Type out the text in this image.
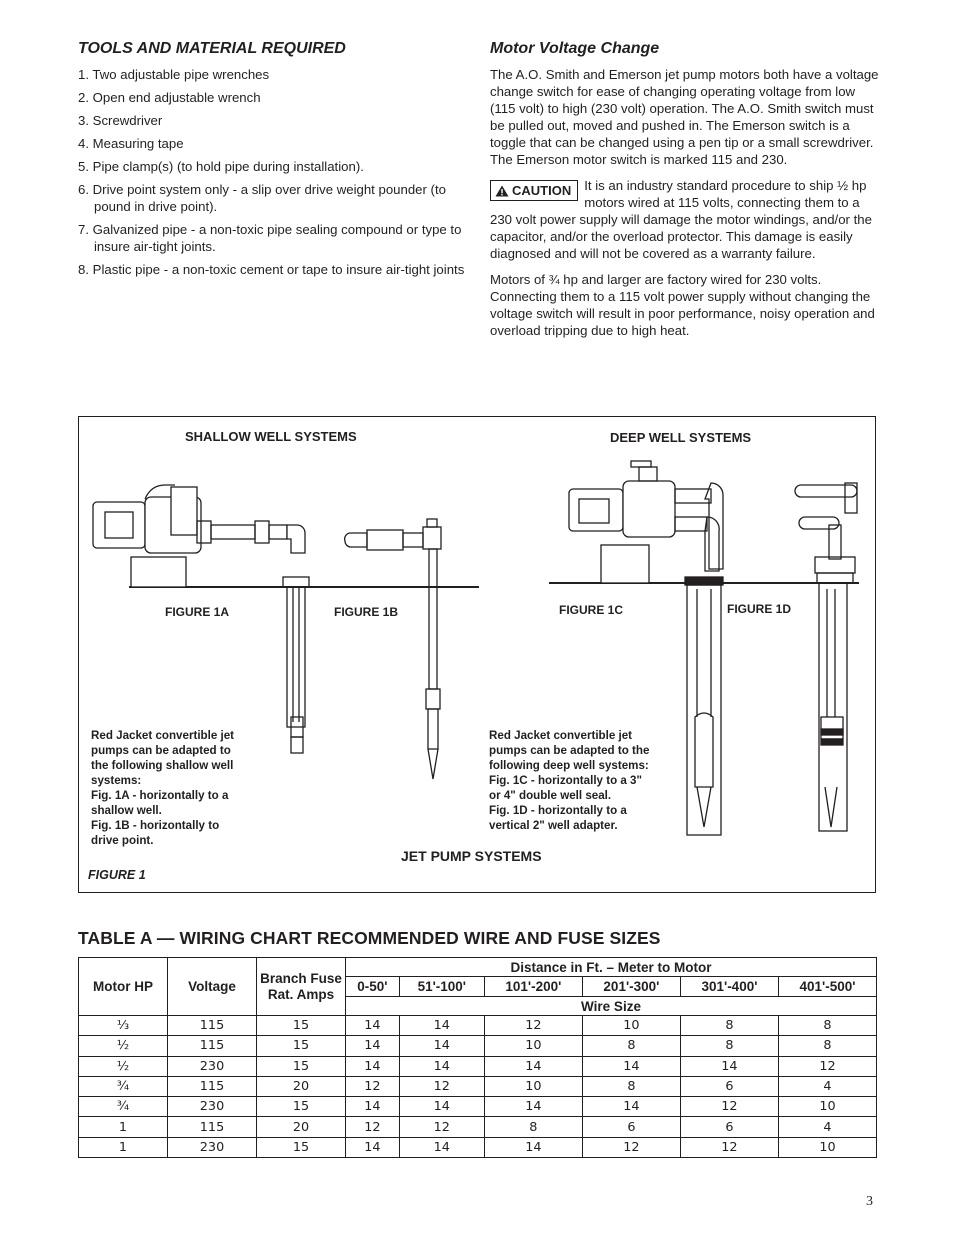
TOOLS AND MATERIAL REQUIRED
1. Two adjustable pipe wrenches
2. Open end adjustable wrench
3. Screwdriver
4. Measuring tape
5. Pipe clamp(s) (to hold pipe during installation).
6. Drive point system only - a slip over drive weight pounder (to pound in drive point).
7. Galvanized pipe - a non-toxic pipe sealing compound or type to insure air-tight joints.
8. Plastic pipe - a non-toxic cement or tape to insure air-tight joints
Motor Voltage Change

The A.O. Smith and Emerson jet pump motors both have a voltage change switch for ease of changing operating voltage from low (115 volt) to high (230 volt) operation. The A.O. Smith switch must be pulled out, moved and pushed in. The Emerson switch is a toggle that can be changed using a pen tip or a small screwdriver. The Emerson motor switch is marked 115 and 230.

CAUTION It is an industry standard procedure to ship ½ hp motors wired at 115 volts, connecting them to a 230 volt power supply will damage the motor windings, and/or the capacitor, and/or the overload protector. This damage is easily diagnosed and will not be covered as a warranty failure.

Motors of ¾ hp and larger are factory wired for 230 volts. Connecting them to a 115 volt power supply without changing the voltage switch will result in poor performance, noisy operation and overload tripping due to high heat.

SHALLOW WELL SYSTEMS	DEEP WELL SYSTEMS
FIGURE 1A	FIGURE 1B	FIGURE 1C	FIGURE 1D

Red Jacket convertible jet
pumps can be adapted to
the following shallow well
systems:
Fig. 1A - horizontally to a
shallow well.
Fig. 1B - horizontally to
drive point.

Red Jacket convertible jet
pumps can be adapted to the
following deep well systems:
Fig. 1C - horizontally to a 3"
or 4" double well seal.
Fig. 1D - horizontally to a
vertical 2" well adapter.

JET PUMP SYSTEMS
FIGURE 1
TABLE A — WIRING CHART RECOMMENDED WIRE AND FUSE SIZES
Motor HP	Voltage	Branch Fuse Rat. Amps	Distance in Ft. – Meter to Motor					
			0-50'	51'-100'	101'-200'	201'-300'	301'-400'	401'-500'
			Wire Size					
⅓	115	15	14	14	12	10	8	8
½	115	15	14	14	10	8	8	8
½	230	15	14	14	14	14	14	12
¾	115	20	12	12	10	8	6	4
¾	230	15	14	14	14	14	12	10
1	115	20	12	12	8	6	6	4
1	230	15	14	14	14	12	12	10
3
